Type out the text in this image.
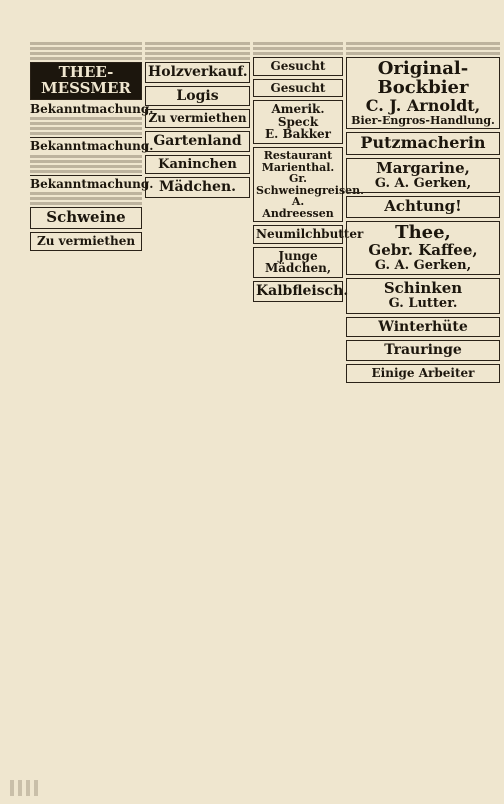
THEE-MESSMER
Bekanntmachung.
Bekanntmachung.
Bekanntmachung.
Schweine
Zu vermiethen
Holzverkauf.
Logis
Zu vermiethen
Gartenland
Kaninchen
Mädchen.
Gesucht
Gesucht
Amerik. Speck
E. Bakker
Restaurant Marienthal.
Gr. Schweinegreisen.
A. Andreessen
Neumilchbutter
Junge Mädchen,
Kalbfleisch.
Original-Bockbier
C. J. Arnoldt,
Bier-Engros-Handlung.
Putzmacherin
Margarine,
G. A. Gerken,
Achtung!
Thee,
Gebr. Kaffee,
G. A. Gerken,
Schinken
G. Lutter.
Winterhüte
Trauringe
Einige Arbeiter
